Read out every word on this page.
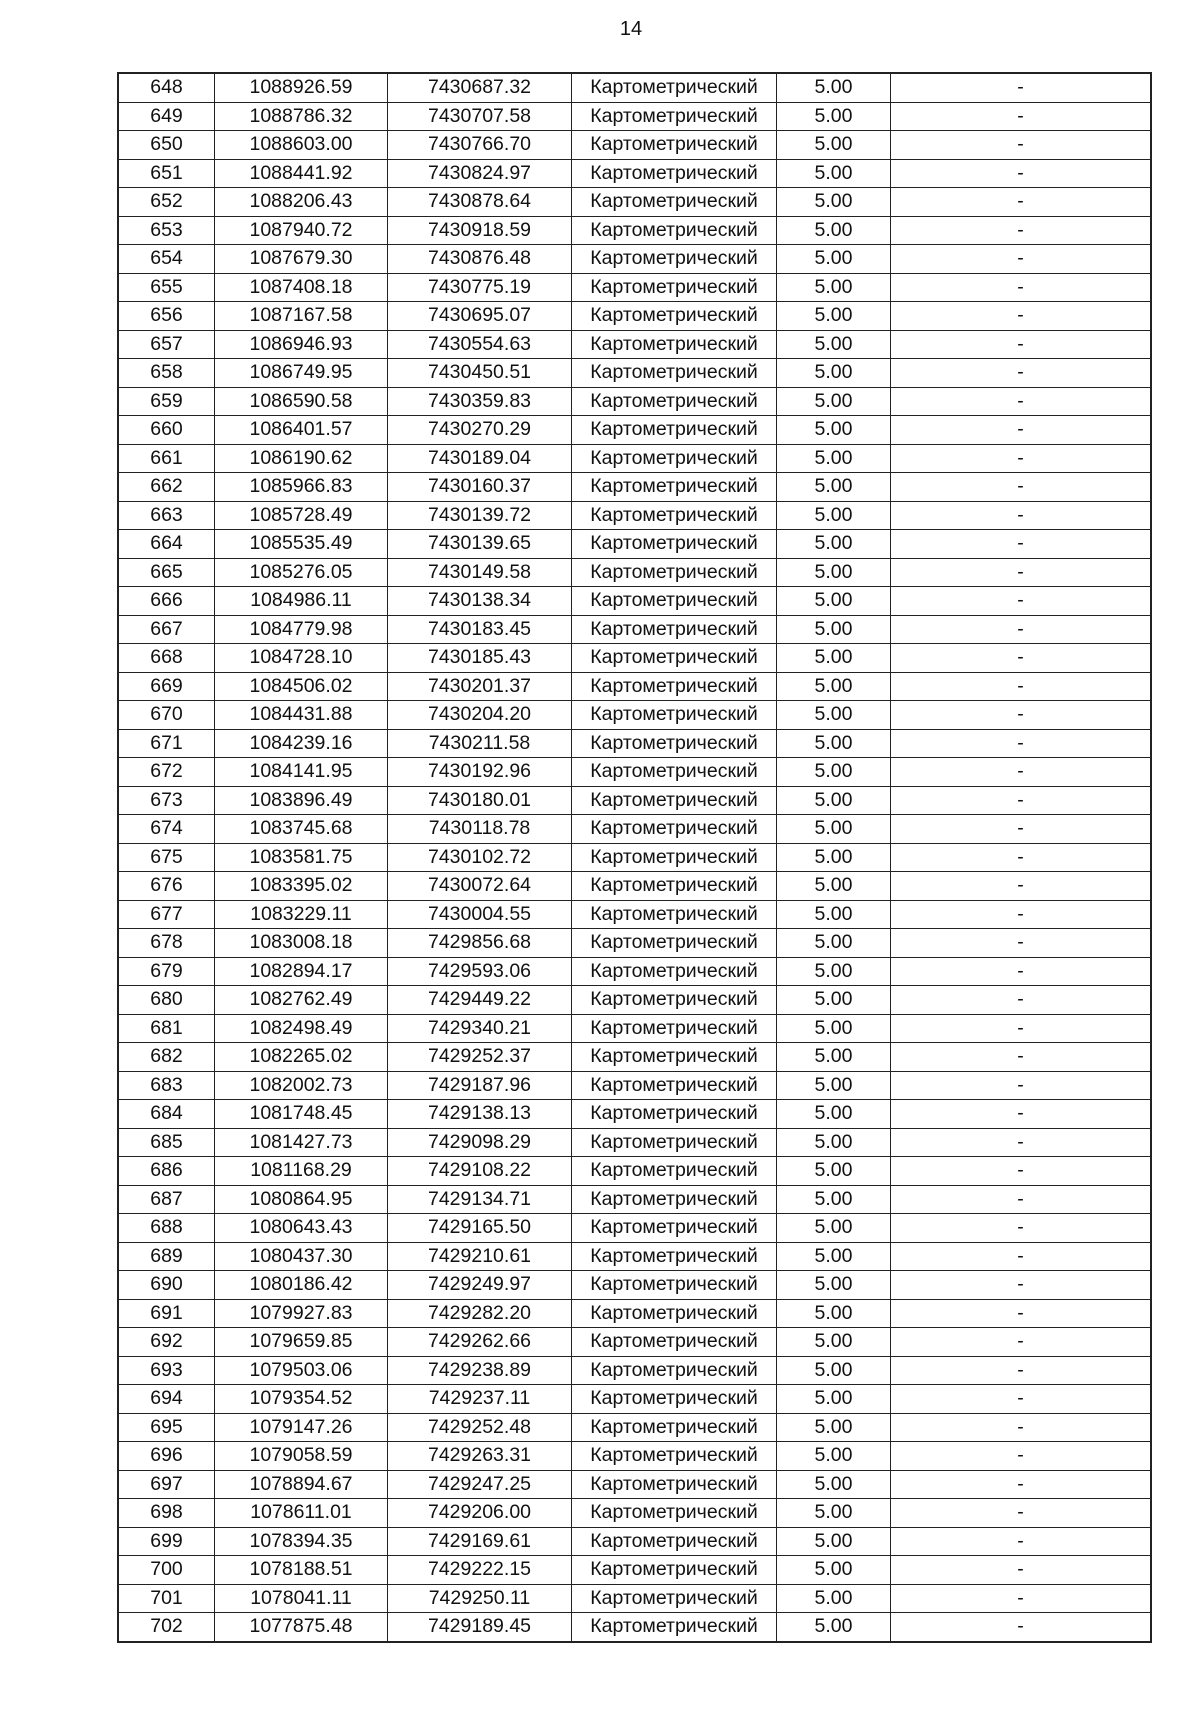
14
648	1088926.59	7430687.32	Картометрический	5.00	-
649	1088786.32	7430707.58	Картометрический	5.00	-
650	1088603.00	7430766.70	Картометрический	5.00	-
651	1088441.92	7430824.97	Картометрический	5.00	-
652	1088206.43	7430878.64	Картометрический	5.00	-
653	1087940.72	7430918.59	Картометрический	5.00	-
654	1087679.30	7430876.48	Картометрический	5.00	-
655	1087408.18	7430775.19	Картометрический	5.00	-
656	1087167.58	7430695.07	Картометрический	5.00	-
657	1086946.93	7430554.63	Картометрический	5.00	-
658	1086749.95	7430450.51	Картометрический	5.00	-
659	1086590.58	7430359.83	Картометрический	5.00	-
660	1086401.57	7430270.29	Картометрический	5.00	-
661	1086190.62	7430189.04	Картометрический	5.00	-
662	1085966.83	7430160.37	Картометрический	5.00	-
663	1085728.49	7430139.72	Картометрический	5.00	-
664	1085535.49	7430139.65	Картометрический	5.00	-
665	1085276.05	7430149.58	Картометрический	5.00	-
666	1084986.11	7430138.34	Картометрический	5.00	-
667	1084779.98	7430183.45	Картометрический	5.00	-
668	1084728.10	7430185.43	Картометрический	5.00	-
669	1084506.02	7430201.37	Картометрический	5.00	-
670	1084431.88	7430204.20	Картометрический	5.00	-
671	1084239.16	7430211.58	Картометрический	5.00	-
672	1084141.95	7430192.96	Картометрический	5.00	-
673	1083896.49	7430180.01	Картометрический	5.00	-
674	1083745.68	7430118.78	Картометрический	5.00	-
675	1083581.75	7430102.72	Картометрический	5.00	-
676	1083395.02	7430072.64	Картометрический	5.00	-
677	1083229.11	7430004.55	Картометрический	5.00	-
678	1083008.18	7429856.68	Картометрический	5.00	-
679	1082894.17	7429593.06	Картометрический	5.00	-
680	1082762.49	7429449.22	Картометрический	5.00	-
681	1082498.49	7429340.21	Картометрический	5.00	-
682	1082265.02	7429252.37	Картометрический	5.00	-
683	1082002.73	7429187.96	Картометрический	5.00	-
684	1081748.45	7429138.13	Картометрический	5.00	-
685	1081427.73	7429098.29	Картометрический	5.00	-
686	1081168.29	7429108.22	Картометрический	5.00	-
687	1080864.95	7429134.71	Картометрический	5.00	-
688	1080643.43	7429165.50	Картометрический	5.00	-
689	1080437.30	7429210.61	Картометрический	5.00	-
690	1080186.42	7429249.97	Картометрический	5.00	-
691	1079927.83	7429282.20	Картометрический	5.00	-
692	1079659.85	7429262.66	Картометрический	5.00	-
693	1079503.06	7429238.89	Картометрический	5.00	-
694	1079354.52	7429237.11	Картометрический	5.00	-
695	1079147.26	7429252.48	Картометрический	5.00	-
696	1079058.59	7429263.31	Картометрический	5.00	-
697	1078894.67	7429247.25	Картометрический	5.00	-
698	1078611.01	7429206.00	Картометрический	5.00	-
699	1078394.35	7429169.61	Картометрический	5.00	-
700	1078188.51	7429222.15	Картометрический	5.00	-
701	1078041.11	7429250.11	Картометрический	5.00	-
702	1077875.48	7429189.45	Картометрический	5.00	-
